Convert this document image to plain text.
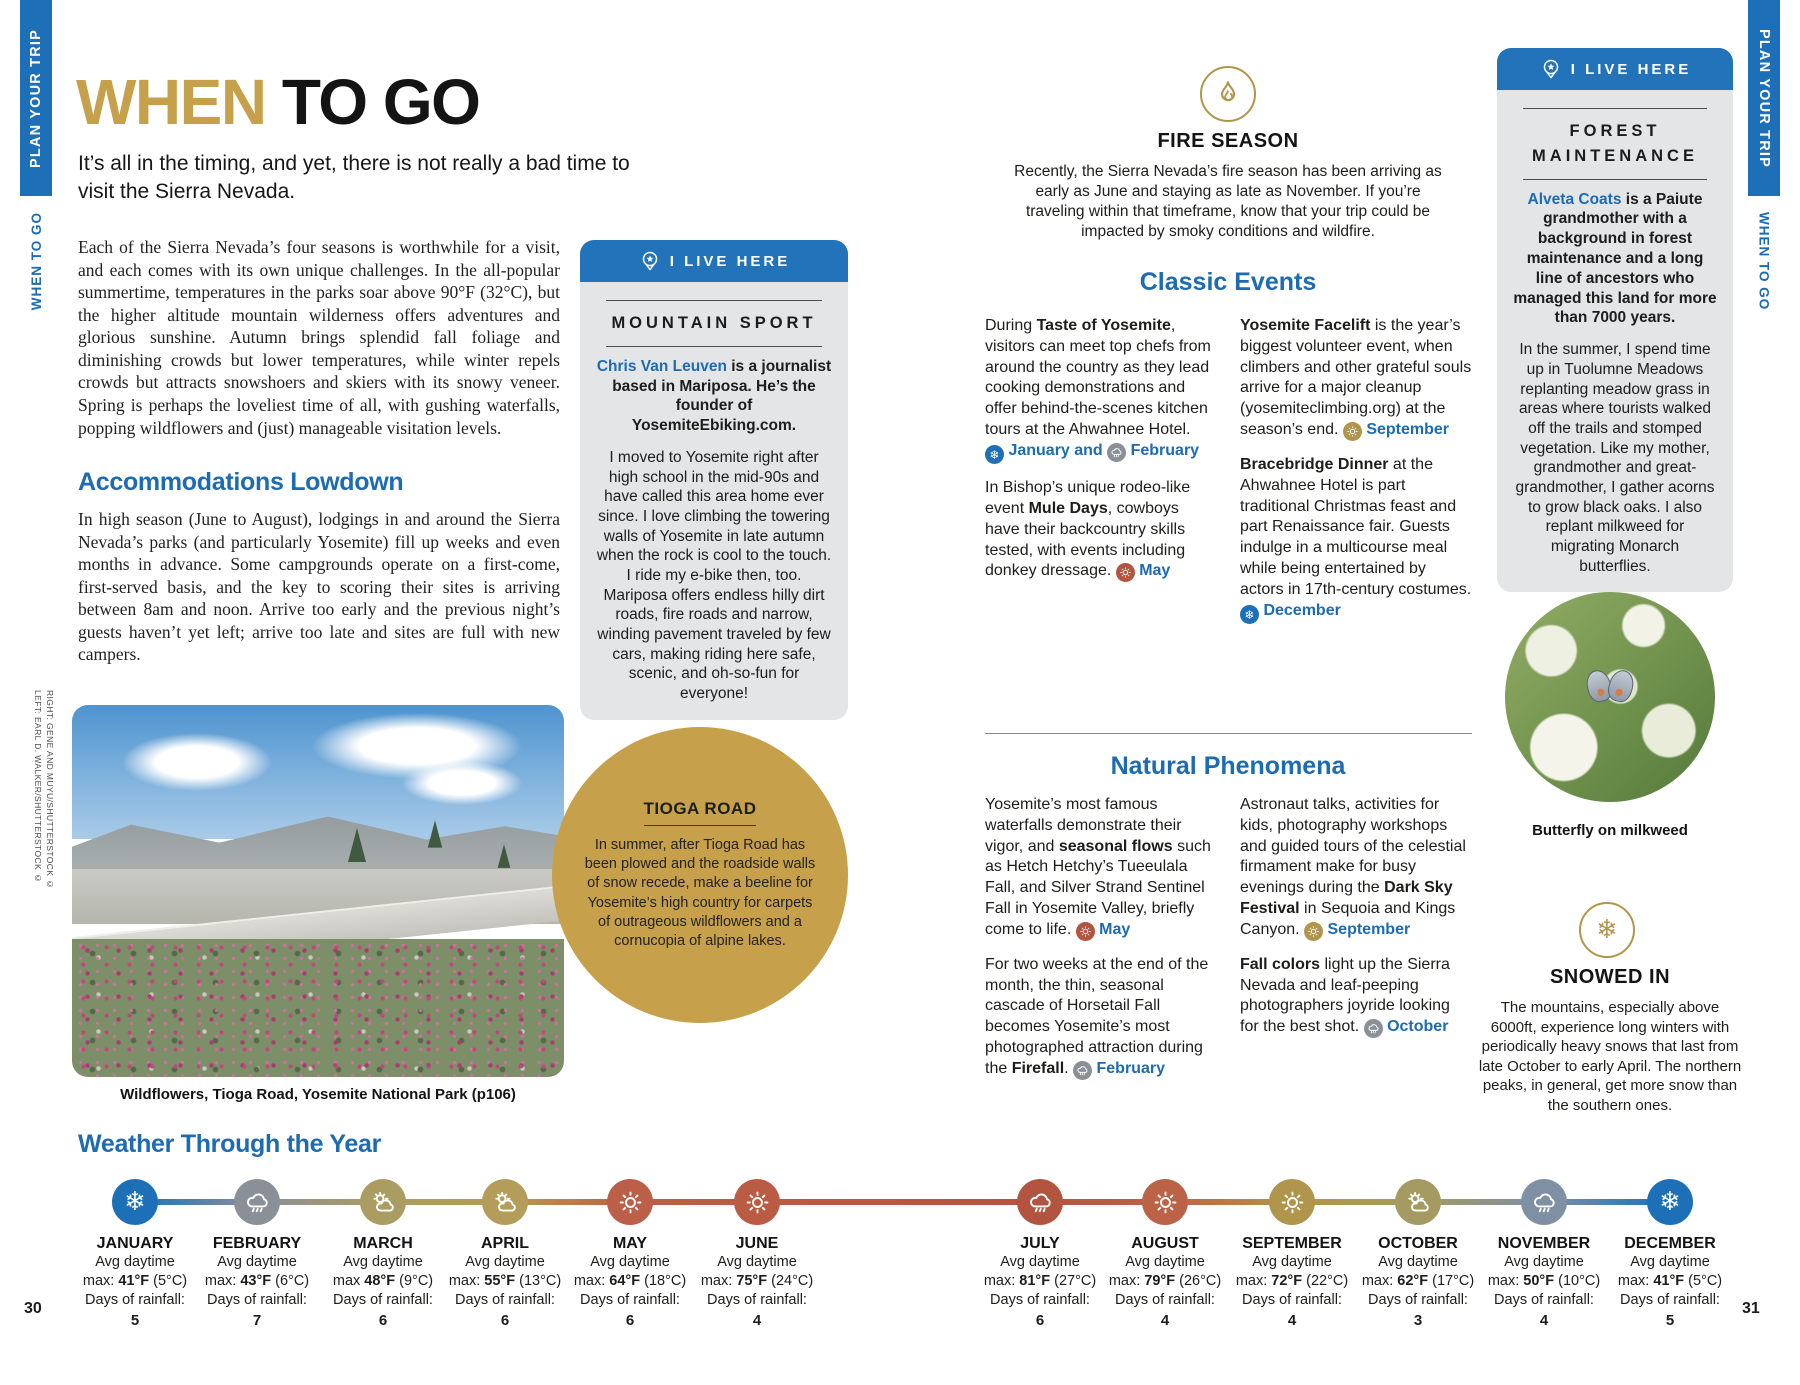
PLAN YOUR TRIP
WHEN TO GO
PLAN YOUR TRIP
WHEN TO GO
WHEN TO GO
It’s all in the timing, and yet, there is not really a bad time to visit the Sierra Nevada.
Each of the Sierra Nevada’s four seasons is worthwhile for a visit, and each comes with its own unique challenges. In the all-popular summertime, temperatures in the parks soar above 90°F (32°C), but the higher altitude mountain wilderness offers adventures and glorious sunshine. Autumn brings splendid fall foliage and diminishing crowds but lower temperatures, while winter repels crowds but attracts snowshoers and skiers with its snowy veneer. Spring is perhaps the loveliest time of all, with gushing waterfalls, popping wildflowers and (just) manageable visitation levels.
Accommodations Lowdown
In high season (June to August), lodgings in and around the Sierra Nevada’s parks (and particularly Yosemite) fill up weeks and even months in advance. Some campgrounds operate on a first-come, first-served basis, and the key to scoring their sites is arriving between 8am and noon. Arrive too early and the previous night’s guests haven’t yet left; arrive too late and sites are full with new campers.
LEFT: EARL D. WALKER/SHUTTERSTOCK © RIGHT: GENE AND MUYU/SHUTTERSTOCK ©
Wildflowers, Tioga Road, Yosemite National Park (p106)
I LIVE HERE
MOUNTAIN SPORT

Chris Van Leuven is a journalist based in Mariposa. He’s the founder of YosemiteEbiking.com.

I moved to Yosemite right after high school in the mid-90s and have called this area home ever since. I love climbing the towering walls of Yosemite in late autumn when the rock is cool to the touch. I ride my e-bike then, too. Mariposa offers endless hilly dirt roads, fire roads and narrow, winding pavement traveled by few cars, making riding here safe, scenic, and oh-so-fun for everyone!

TIOGA ROAD

In summer, after Tioga Road has been plowed and the roadside walls of snow recede, make a beeline for Yosemite’s high country for carpets of outrageous wildflowers and a cornucopia of alpine lakes.

FIRE SEASON
Recently, the Sierra Nevada’s fire season has been arriving as early as June and staying as late as November. If you’re traveling within that timeframe, know that your trip could be impacted by smoky conditions and wildfire.
Classic Events

During Taste of Yosemite, visitors can meet top chefs from around the country as they lead cooking demonstrations and offer behind-the-scenes kitchen tours at the Ahwahnee Hotel.
❄ January and
February

In Bishop’s unique rodeo-like event Mule Days, cowboys have their backcountry skills tested, with events including donkey dressage.
May

Yosemite Facelift is the year’s biggest volunteer event, when climbers and other grateful souls arrive for a major cleanup (yosemiteclimbing.org) at the season’s end.
September

Bracebridge Dinner at the Ahwahnee Hotel is part traditional Christmas feast and part Renaissance fair. Guests indulge in a multicourse meal while being entertained by actors in 17th-century costumes.
❄ December

Natural Phenomena

Yosemite’s most famous waterfalls demonstrate their vigor, and seasonal flows such as Hetch Hetchy’s Tueeulala Fall, and Silver Strand Sentinel Fall in Yosemite Valley, briefly come to life.
May

For two weeks at the end of the month, the thin, seasonal cascade of Horsetail Fall becomes Yosemite’s most photographed attraction during the Firefall.
February

Astronaut talks, activities for kids, photography workshops and guided tours of the celestial firmament make for busy evenings during the Dark Sky Festival in Sequoia and Kings Canyon.
September

Fall colors light up the Sierra Nevada and leaf-peeping photographers joyride looking for the best shot.
October

I LIVE HERE
FOREST MAINTENANCE

Alveta Coats is a Paiute grandmother with a background in forest maintenance and a long line of ancestors who managed this land for more than 7000 years.

In the summer, I spend time up in Tuolumne Meadows replanting meadow grass in areas where tourists walked off the trails and stomped vegetation. Like my mother, grandmother and great-grandmother, I gather acorns to grow black oaks. I also replant milkweed for migrating Monarch butterflies.

Butterfly on milkweed
❄
SNOWED IN
The mountains, especially above 6000ft, experience long winters with periodically heavy snows that last from late October to early April. The northern peaks, in general, get more snow than the southern ones.
Weather Through the Year
❄
JANUARY
Avg daytime
max: 41°F (5°C)
Days of rainfall:
5
FEBRUARY
Avg daytime
max: 43°F (6°C)
Days of rainfall:
7
MARCH
Avg daytime
max 48°F (9°C)
Days of rainfall:
6
APRIL
Avg daytime
max: 55°F (13°C)
Days of rainfall:
6
MAY
Avg daytime
max: 64°F (18°C)
Days of rainfall:
6
JUNE
Avg daytime
max: 75°F (24°C)
Days of rainfall:
4
JULY
Avg daytime
max: 81°F (27°C)
Days of rainfall:
6
AUGUST
Avg daytime
max: 79°F (26°C)
Days of rainfall:
4
SEPTEMBER
Avg daytime
max: 72°F (22°C)
Days of rainfall:
4
OCTOBER
Avg daytime
max: 62°F (17°C)
Days of rainfall:
3
NOVEMBER
Avg daytime
max: 50°F (10°C)
Days of rainfall:
4
❄
DECEMBER
Avg daytime
max: 41°F (5°C)
Days of rainfall:
5
30	31
